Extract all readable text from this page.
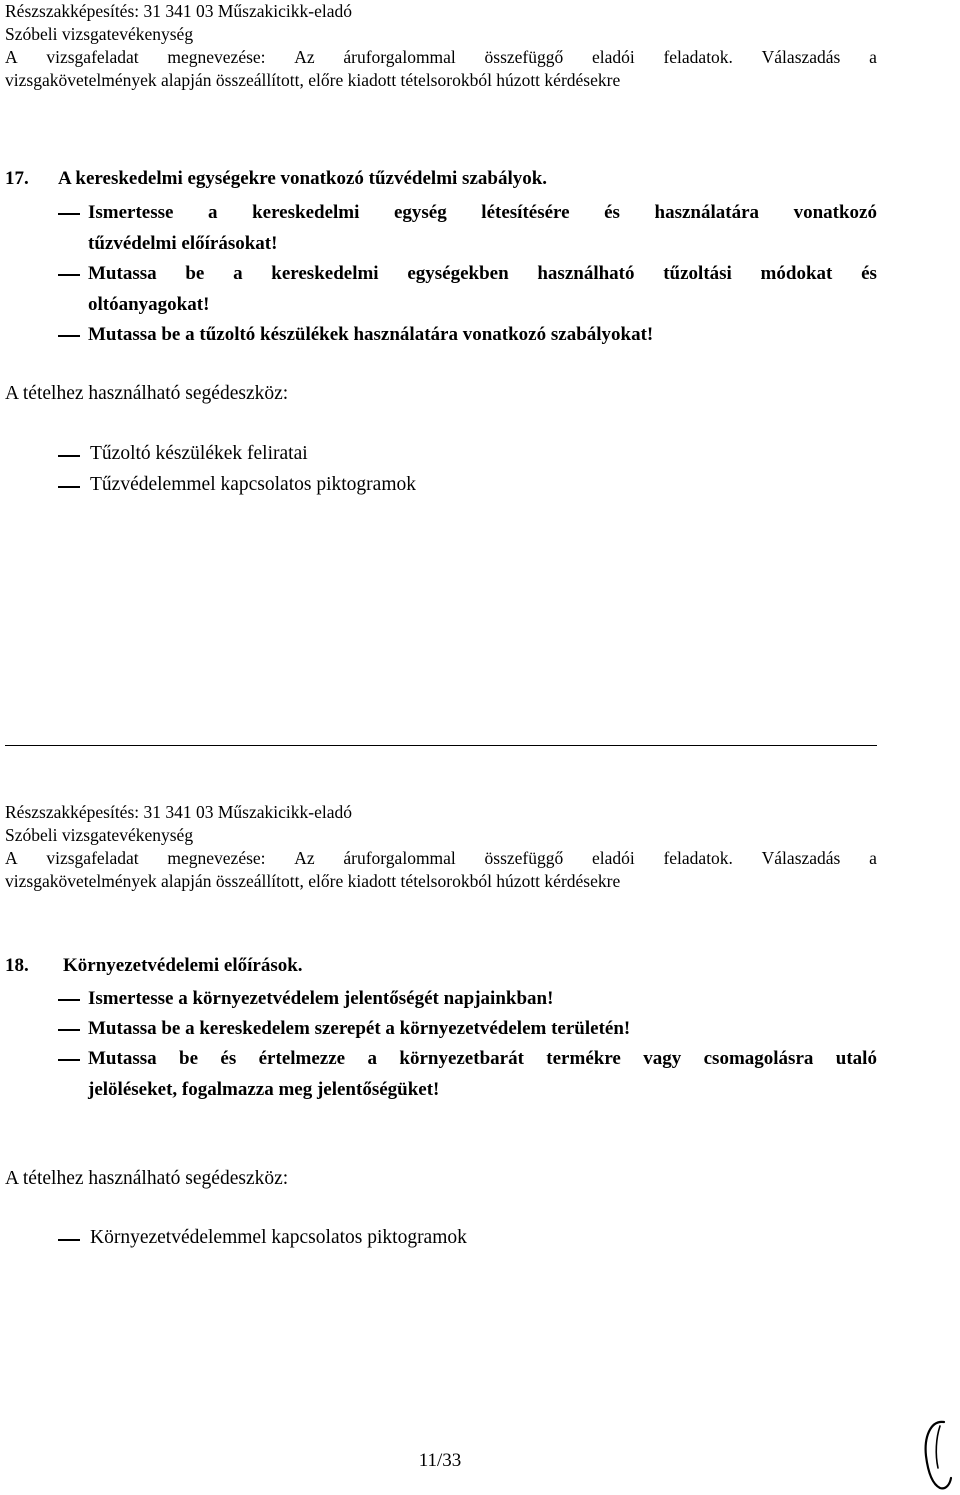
Részszakképesítés: 31 341 03 Műszakicikk-eladó
Szóbeli vizsgatevékenység
A vizsgafeladat megnevezése: Az áruforgalommal összefüggő eladói feladatok. Válaszadás a
vizsgakövetelmények alapján összeállított, előre kiadott tételsorokból húzott kérdésekre
17. A kereskedelmi egységekre vonatkozó tűzvédelmi szabályok.
Ismertesse a kereskedelmi egység létesítésére és használatára vonatkozó
tűzvédelmi előírásokat!
Mutassa be a kereskedelmi egységekben használható tűzoltási módokat és
oltóanyagokat!
Mutassa be a tűzoltó készülékek használatára vonatkozó szabályokat!
A tételhez használható segédeszköz:
Tűzoltó készülékek feliratai
Tűzvédelemmel kapcsolatos piktogramok
Részszakképesítés: 31 341 03 Műszakicikk-eladó
Szóbeli vizsgatevékenység
A vizsgafeladat megnevezése: Az áruforgalommal összefüggő eladói feladatok. Válaszadás a
vizsgakövetelmények alapján összeállított, előre kiadott tételsorokból húzott kérdésekre
18. Környezetvédelemi előírások.
Ismertesse a környezetvédelem jelentőségét napjainkban!
Mutassa be a kereskedelem szerepét a környezetvédelem területén!
Mutassa be és értelmezze a környezetbarát termékre vagy csomagolásra utaló
jelöléseket, fogalmazza meg jelentőségüket!
A tételhez használható segédeszköz:
Környezetvédelemmel kapcsolatos piktogramok
11/33
